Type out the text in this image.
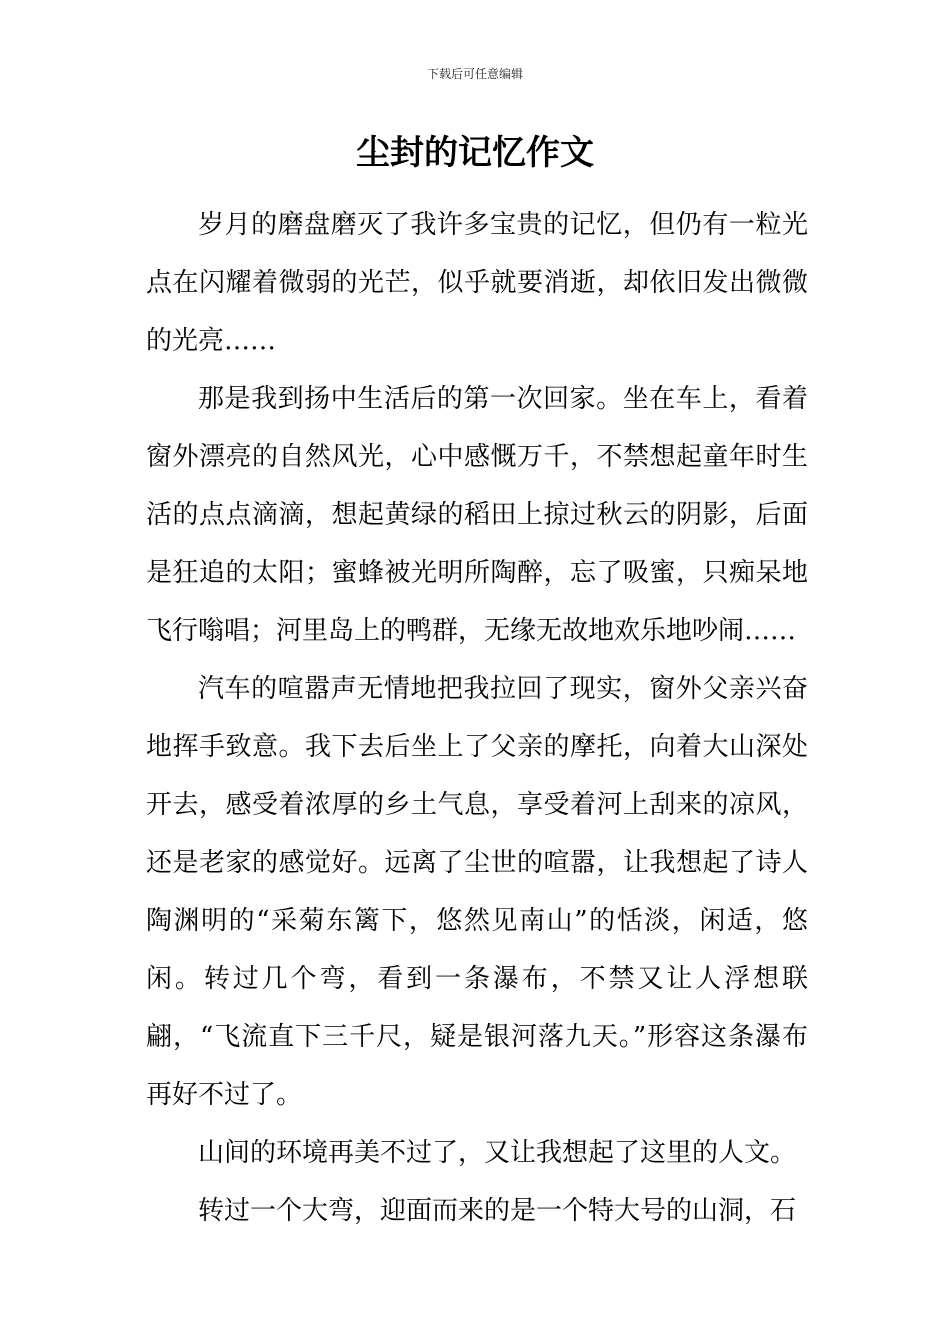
下载后可任意编辑
尘封的记忆作文

岁月的磨盘磨灭了我许多宝贵的记忆，但仍有一粒光点在闪耀着微弱的光芒，似乎就要消逝，却依旧发出微微的光亮……

那是我到扬中生活后的第一次回家。坐在车上，看着窗外漂亮的自然风光，心中感慨万千，不禁想起童年时生活的点点滴滴，想起黄绿的稻田上掠过秋云的阴影，后面是狂追的太阳；蜜蜂被光明所陶醉，忘了吸蜜，只痴呆地飞行嗡唱；河里岛上的鸭群，无缘无故地欢乐地吵闹……

汽车的喧嚣声无情地把我拉回了现实，窗外父亲兴奋地挥手致意。我下去后坐上了父亲的摩托，向着大山深处开去，感受着浓厚的乡土气息，享受着河上刮来的凉风，还是老家的感觉好。远离了尘世的喧嚣，让我想起了诗人陶渊明的“采菊东篱下，悠然见南山”的恬淡，闲适，悠闲。转过几个弯，看到一条瀑布，不禁又让人浮想联翩，“飞流直下三千尺，疑是银河落九天。”形容这条瀑布再好不过了。

山间的环境再美不过了，又让我想起了这里的人文。

转过一个大弯，迎面而来的是一个特大号的山洞，石
